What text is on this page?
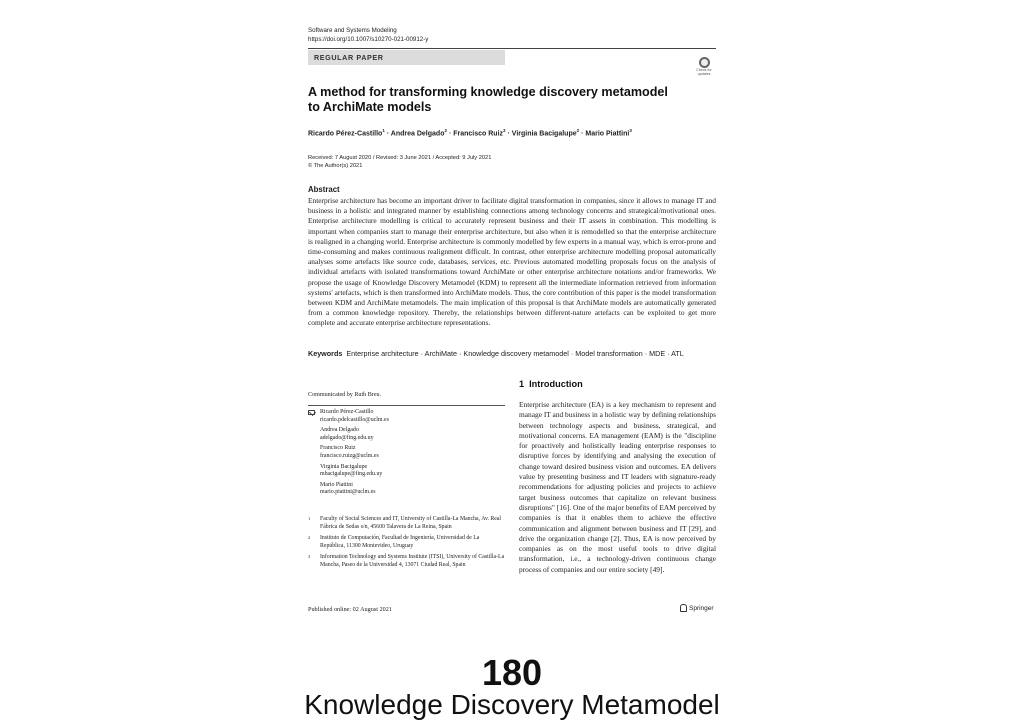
Software and Systems Modeling
https://doi.org/10.1007/s10270-021-00912-y
REGULAR PAPER
Check for updates
A method for transforming knowledge discovery metamodel to ArchiMate models
Ricardo Pérez-Castillo$^1$ · Andrea Delgado$^2$ · Francisco Ruiz$^3$ · Virginia Bacigalupe$^2$ · Mario Piattini$^3$
Received: 7 August 2020 / Revised: 3 June 2021 / Accepted: 9 July 2021
© The Author(s) 2021
Abstract
Enterprise architecture has become an important driver to facilitate digital transformation in companies, since it allows to manage IT and business in a holistic and integrated manner by establishing connections among technology concerns and strategical/motivational ones. Enterprise architecture modelling is critical to accurately represent business and their IT assets in combination. This modelling is important when companies start to manage their enterprise architecture, but also when it is remodelled so that the enterprise architecture is realigned in a changing world. Enterprise architecture is commonly modelled by few experts in a manual way, which is error-prone and time-consuming and makes continuous realignment difficult. In contrast, other enterprise architecture modelling proposal automatically analyses some artefacts like source code, databases, services, etc. Previous automated modelling proposals focus on the analysis of individual artefacts with isolated transformations toward ArchiMate or other enterprise architecture notations and/or frameworks. We propose the usage of Knowledge Discovery Metamodel (KDM) to represent all the intermediate information retrieved from information systems' artefacts, which is then transformed into ArchiMate models. Thus, the core contribution of this paper is the model transformation between KDM and ArchiMate metamodels. The main implication of this proposal is that ArchiMate models are automatically generated from a common knowledge repository. Thereby, the relationships between different-nature artefacts can be exploited to get more complete and accurate enterprise architecture representations.
Keywords Enterprise architecture · ArchiMate · Knowledge discovery metamodel · Model transformation · MDE · ATL
Communicated by Ruth Breu.
Ricardo Pérez-Castillo
ricardo.pdelcastillo@uclm.es
Andrea Delgado
adelgado@fing.edu.uy
Francisco Ruiz
francisco.ruizg@uclm.es
Virginia Bacigalupe
mbacigalupe@fing.edu.uy
Mario Piattini
mario.piattini@uclm.es
1 Faculty of Social Sciences and IT, University of Castilla-La Mancha, Av. Real Fábrica de Sedas s/n, 45600 Talavera de La Reina, Spain
2 Instituto de Computación, Facultad de Ingeniería, Universidad de La República, 11300 Montevideo, Uruguay
3 Information Technology and Systems Institute (ITSI), University of Castilla-La Mancha, Paseo de la Universidad 4, 13071 Ciudad Real, Spain
Published online: 02 August 2021
1 Introduction
Enterprise architecture (EA) is a key mechanism to represent and manage IT and business in a holistic way by defining relationships between technology aspects and business, strategical, and motivational concerns. EA management (EAM) is the "discipline for proactively and holistically leading enterprise responses to disruptive forces by identifying and analysing the execution of change toward desired business vision and outcomes. EA delivers value by presenting business and IT leaders with signature-ready recommendations for adjusting policies and projects to achieve target business outcomes that capitalize on relevant business disruptions" [16]. One of the major benefits of EAM perceived by companies is that it enables them to achieve the effective communication and alignment between business and IT [29], and drive the organization change [2]. Thus, EA is now perceived by companies as on the most useful tools to drive digital transformation, i.e., a technology-driven continuous change process of companies and our entire society [49].
Springer
180
Knowledge Discovery Metamodel
